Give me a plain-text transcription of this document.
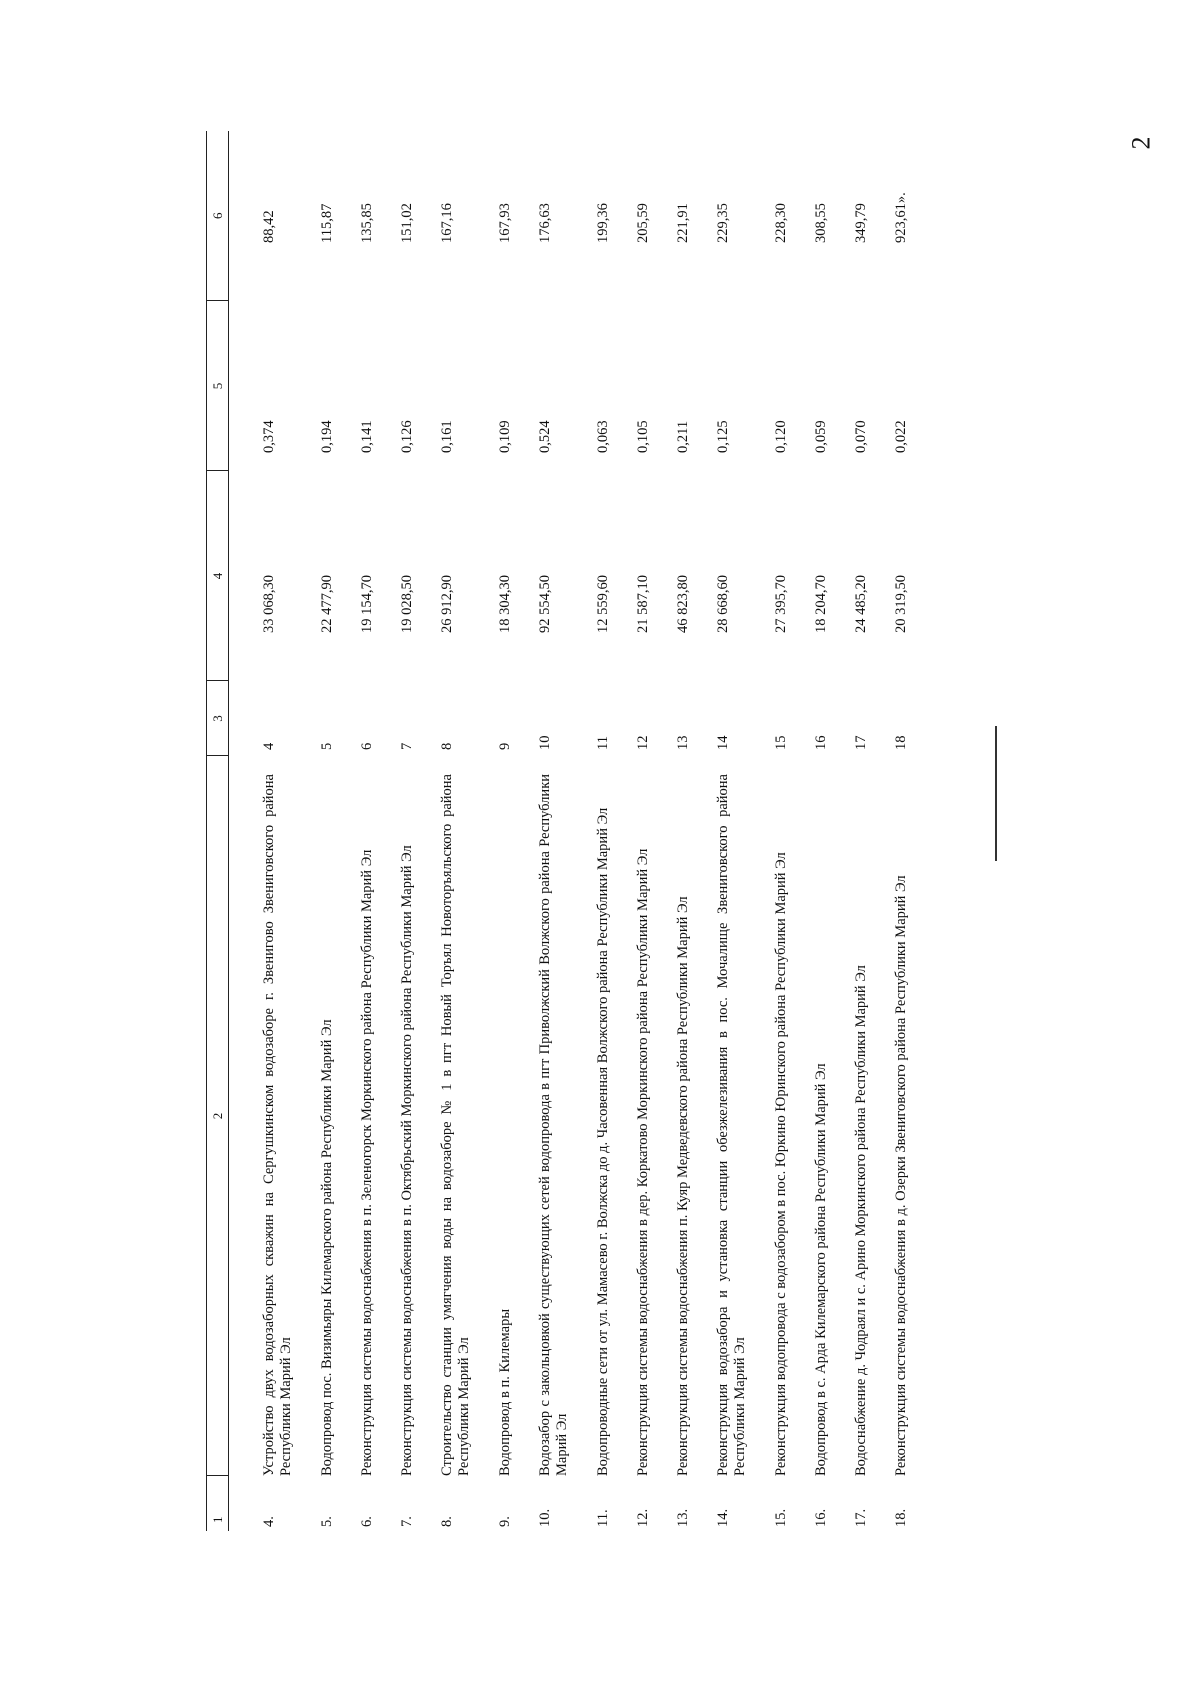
2
1	2	3	4	5	6

4.	Устройство двух водозаборных скважин на Сергушкинском водозаборе г. Звенигово Звениговского района Республики Марий Эл	4	33 068,30	0,374	88,42
5.	Водопровод пос. Визимьяры Килемарского района Республики Марий Эл	5	22 477,90	0,194	115,87
6.	Реконструкция системы водоснабжения в п. Зеленогорск Моркинского района Республики Марий Эл	6	19 154,70	0,141	135,85
7.	Реконструкция системы водоснабжения в п. Октябрьский Моркинского района Республики Марий Эл	7	19 028,50	0,126	151,02
8.	Строительство станции умягчения воды на водозаборе № 1 в пгт Новый Торъял Новоторъяльского района Республики Марий Эл	8	26 912,90	0,161	167,16
9.	Водопровод в п. Килемары	9	18 304,30	0,109	167,93
10.	Водозабор с закольцовкой существующих сетей водопровода в пгт Приволжский Волжского района Республики Марий Эл	10	92 554,50	0,524	176,63
11.	Водопроводные сети от ул. Мамасево г. Волжска до д. Часовенная Волжского района Республики Марий Эл	11	12 559,60	0,063	199,36
12.	Реконструкция системы водоснабжения в дер. Коркатово Моркинского района Республики Марий Эл	12	21 587,10	0,105	205,59
13.	Реконструкция системы водоснабжения п. Куяр Медведевского района Республики Марий Эл	13	46 823,80	0,211	221,91
14.	Реконструкция водозабора и установка станции обезжелезивания в пос. Мочалище Звениговского района Республики Марий Эл	14	28 668,60	0,125	229,35
15.	Реконструкция водопровода с водозабором в пос. Юркино Юринского района Республики Марий Эл	15	27 395,70	0,120	228,30
16.	Водопровод в с. Арда Килемарского района Республики Марий Эл	16	18 204,70	0,059	308,55
17.	Водоснабжение д. Чодраял и с. Арино Моркинского района Республики Марий Эл	17	24 485,20	0,070	349,79
18.	Реконструкция системы водоснабжения в д. Озерки Звениговского района Республики Марий Эл	18	20 319,50	0,022	923,61».
